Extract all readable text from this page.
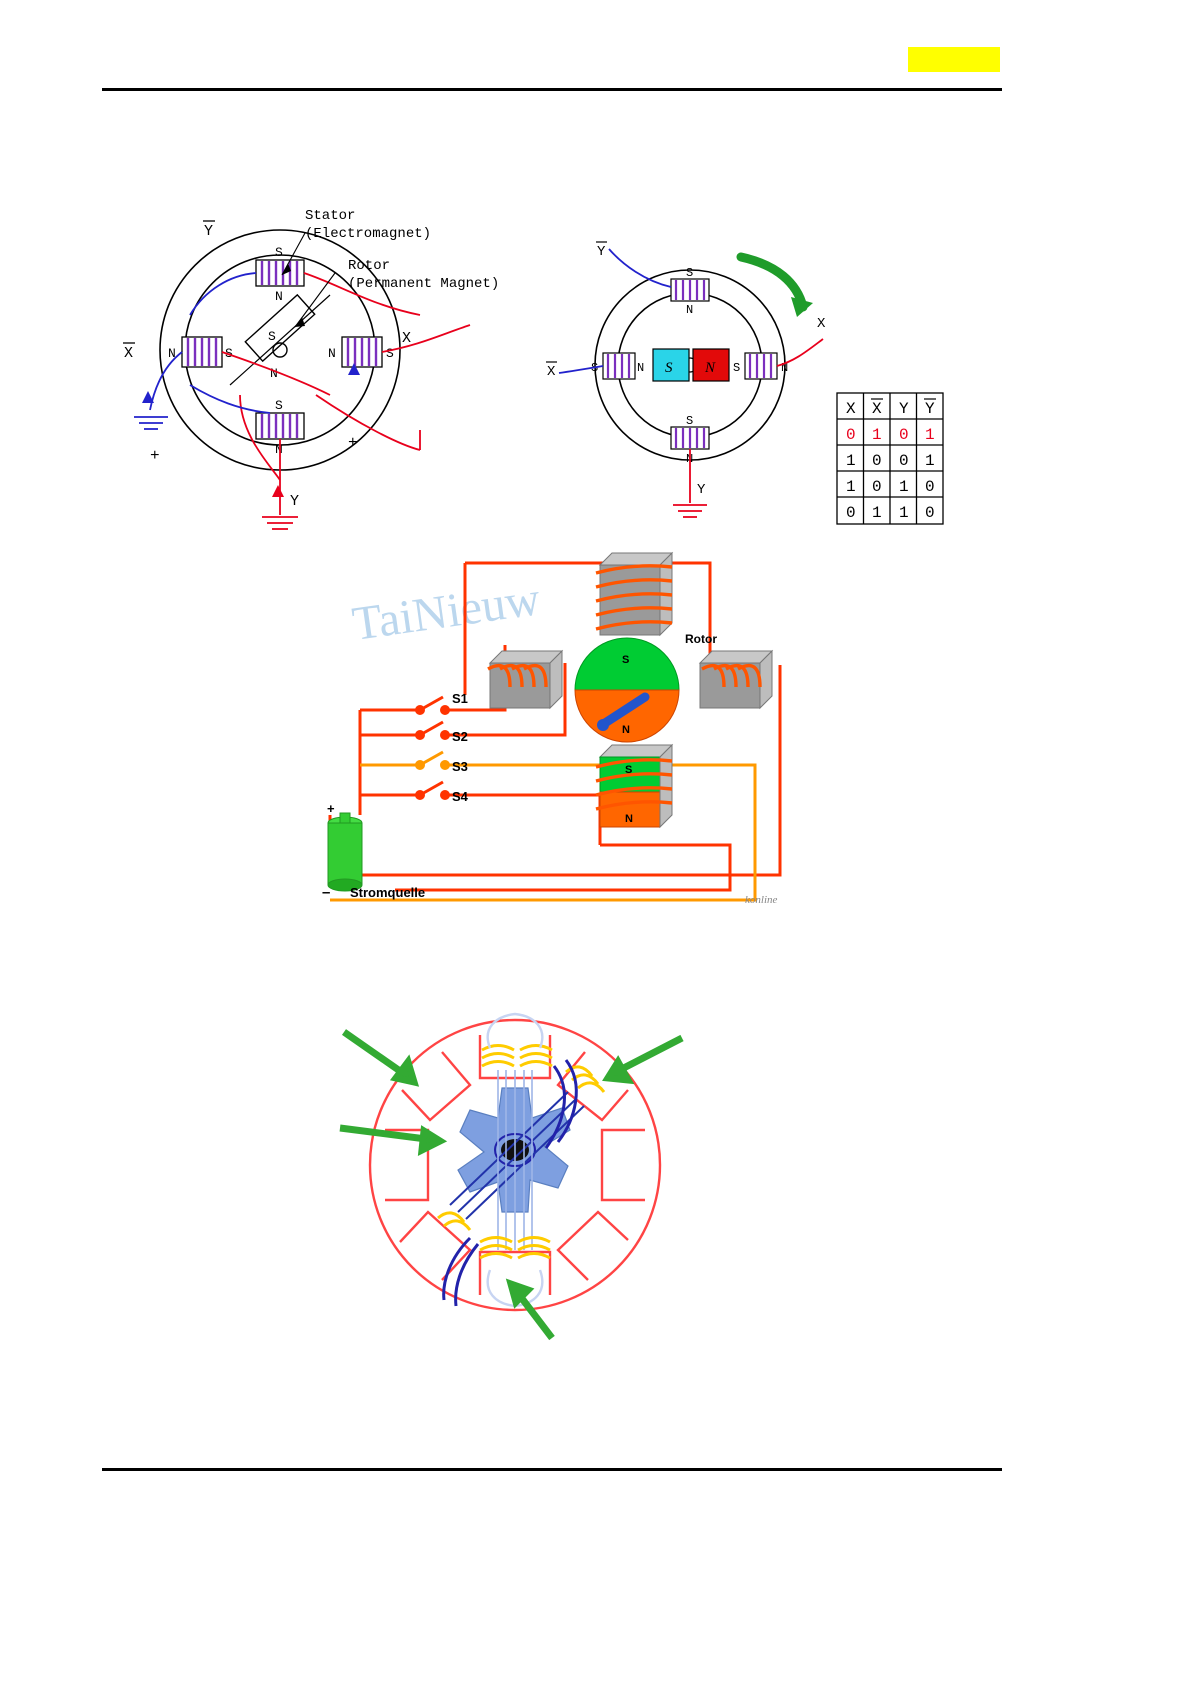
S
N
S
N
S
N
N	S	N	S
Y
X
X
Y
+
+
Stator
(Electromagnet)
Rotor
(Permanent Magnet)
S N
S
N
S
N
S	N	S	N
Y
X
X
Y
X X Y Y
0 1 0 1
1 0 0 1
1 0 1 0
0 1 1 0
TaiNieuw
S
N
S
N
Rotor
+
–
S1
S2
S3
S4
Stromquelle	konline
